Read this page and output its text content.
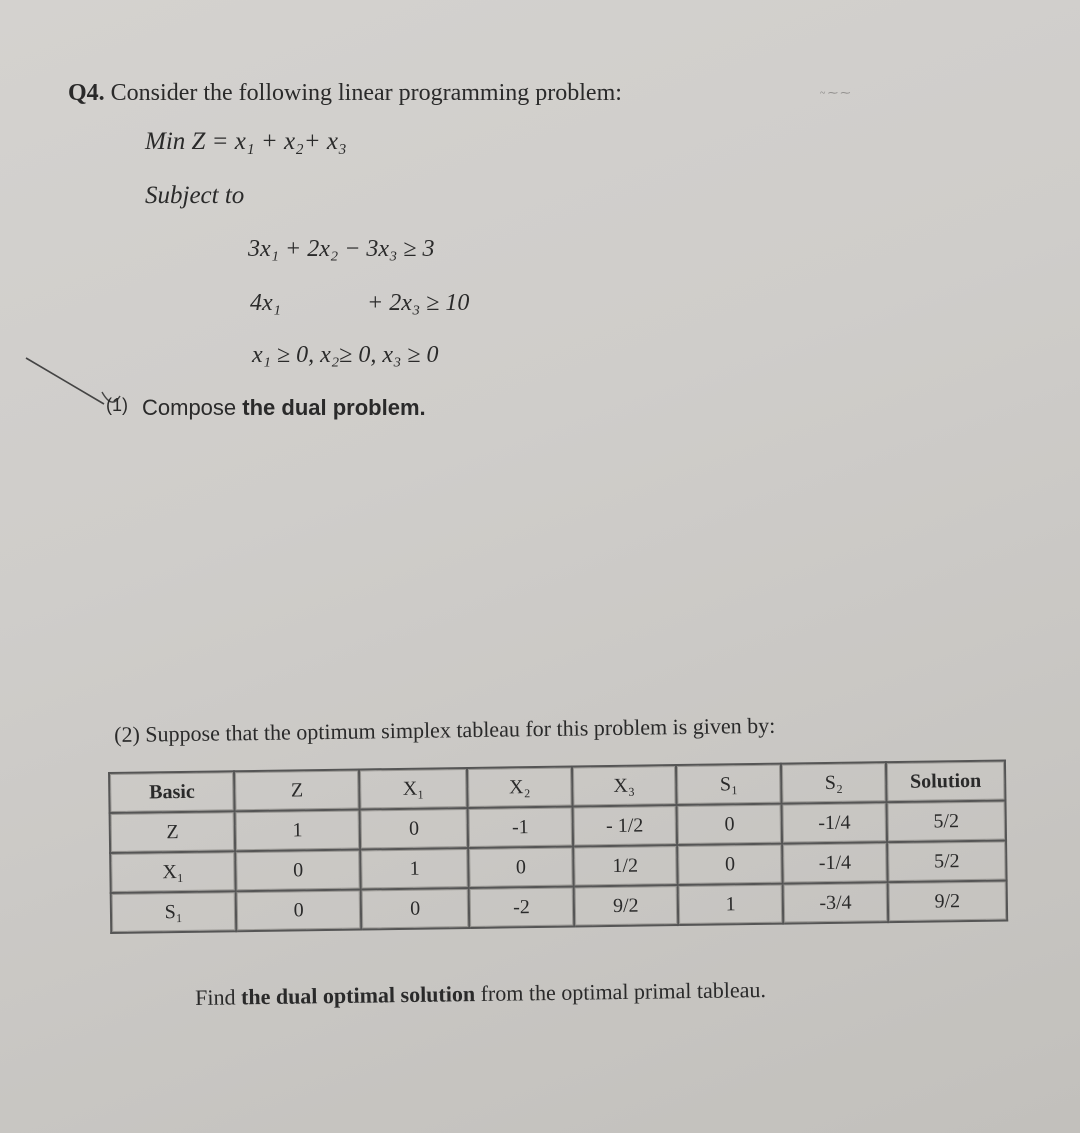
Q4. Consider the following linear programming problem:
Min Z = x₁ + x₂+ x₃
Subject to
3x₁ + 2x₂ − 3x₃ ≥ 3
4x₁	+ 2x₃ ≥ 10
x₁ ≥ 0, x₂≥ 0, x₃ ≥ 0
(1) Compose the dual problem.
~ ⁓ ⁓
(2) Suppose that the optimum simplex tableau for this problem is given by:
Basic	Z	X₁	X₂	X₃	S₁	S₂	Solution
Z	1	0	-1	- 1/2	0	-1/4	5/2
X₁	0	1	0	1/2	0	-1/4	5/2
S₁	0	0	-2	9/2	1	-3/4	9/2
Find the dual optimal solution from the optimal primal tableau.
